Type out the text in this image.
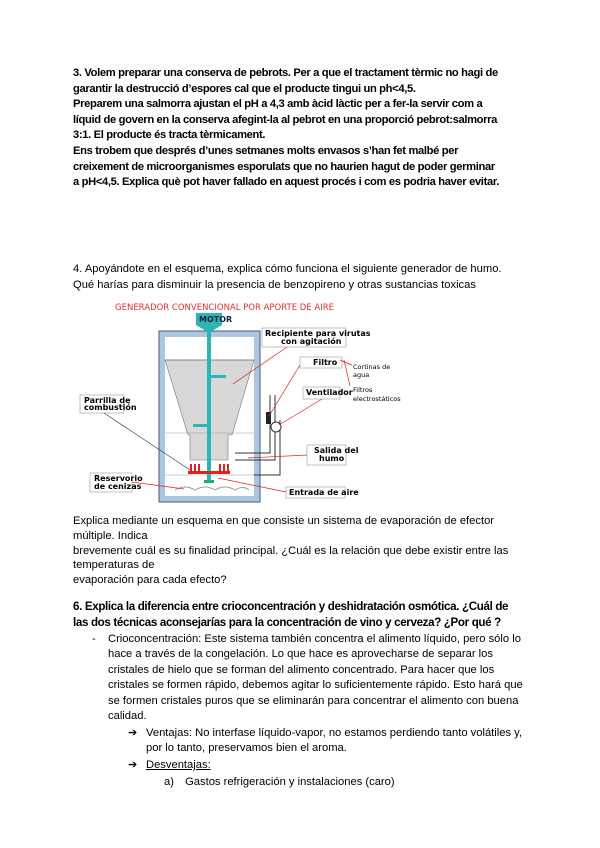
3. Volem preparar una conserva de pebrots. Per a que el tractament tèrmic no hagi de
garantir la destrucció d’espores cal que el producte tingui un ph<4,5.
Preparem una salmorra ajustan el pH a 4,3 amb àcid làctic per a fer-la servir com a
líquid de govern en la conserva afegint-la al pebrot en una proporció pebrot:salmorra
3:1. El producte és tracta tèrmicament.
Ens trobem que després d’unes setmanes molts envasos s’han fet malbé per
creixement de microorganismes esporulats que no haurien hagut de poder germinar
a pH<4,5. Explica què pot haver fallado en aquest procés i com es podria haver evitar.
4. Apoyándote en el esquema, explica cómo funciona el siguiente generador de humo.
Qué harías para disminuir la presencia de benzopireno y otras sustancias toxicas
GENERADOR CONVENCIONAL POR APORTE DE AIRE
MOTOR
Recipiente para virutas
con agitación
Filtro Cortinas de
agua
Filtros
electrostáticos
Ventilador
Parrilla de
combustión
Salida del
humo
Reservorio
de cenizas
Entrada de aire
Explica mediante un esquema en que consiste un sistema de evaporación de efector
múltiple. Indica
brevemente cuál es su finalidad principal. ¿Cuál es la relación que debe existir entre las
temperaturas de
evaporación para cada efecto?
6. Explica la diferencia entre crioconcentración y deshidratación osmótica. ¿Cuál de
las dos técnicas aconsejarías para la concentración de vino y cerveza? ¿Por qué ?
- Crioconcentración: Este sistema también concentra el alimento líquido, pero sólo lo
hace a través de la congelación. Lo que hace es aprovecharse de separar los
cristales de hielo que se forman del alimento concentrado. Para hacer que los
cristales se formen rápido, debemos agitar lo suficientemente rápido. Esto hará que
se formen cristales puros que se eliminarán para concentrar el alimento con buena
calidad.
➔ Ventajas: No interfase líquido-vapor, no estamos perdiendo tanto volátiles y,
por lo tanto, preservamos bien el aroma.
➔ Desventajas:
a) Gastos refrigeración y instalaciones (caro)
